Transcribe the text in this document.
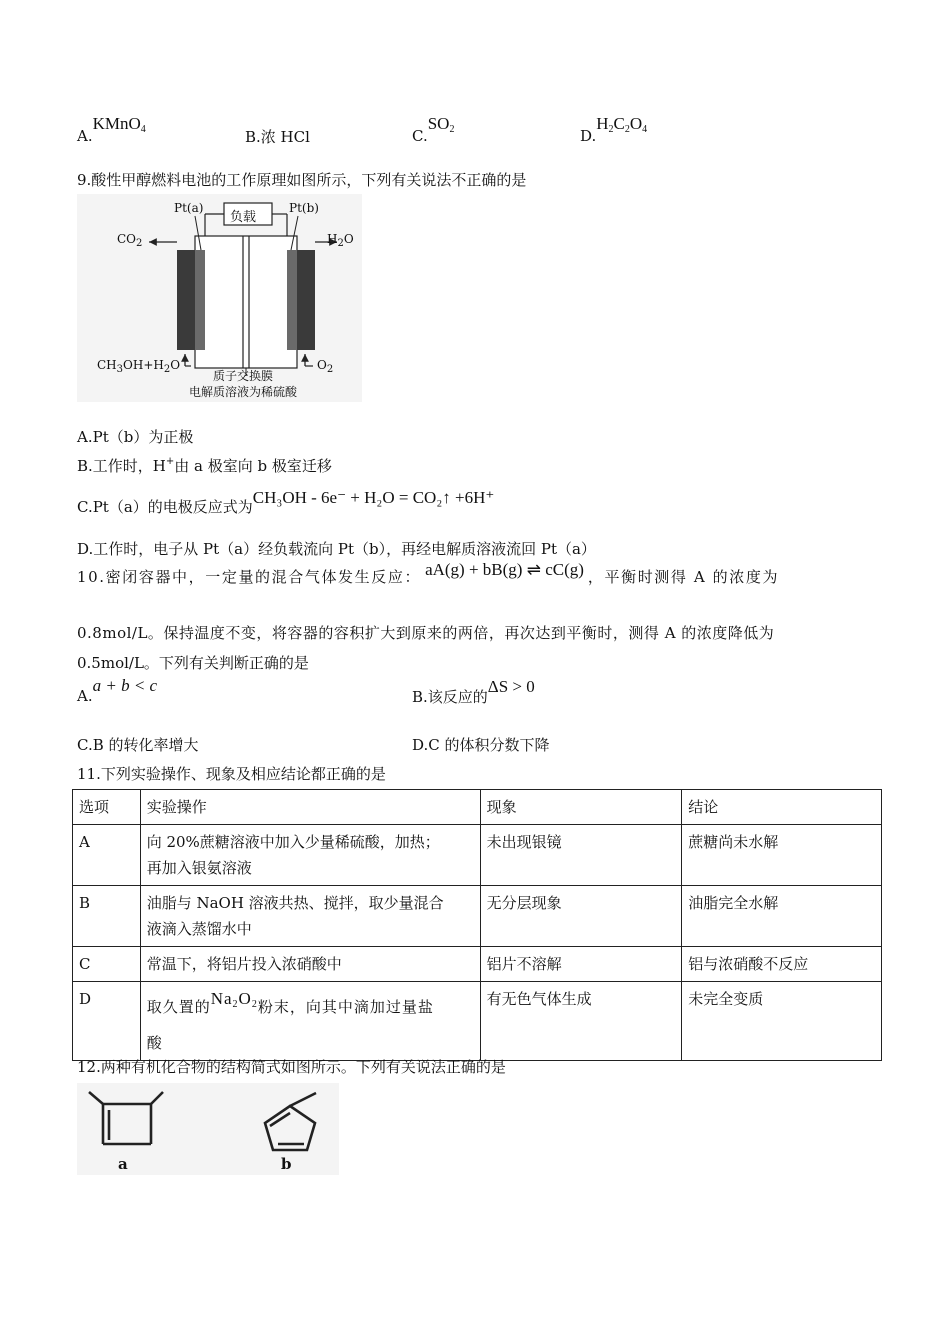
A.KMnO$_4$	B.浓 HCl	$C.SO_2$	$D.H_2C_2O_4$
9.酸性甲醇燃料电池的工作原理如图所示，下列有关说法不正确的是
Pt(a)
负载
Pt(b)
$CO_2$	$H_2O$
$CH_3OH+H_2O$	$O_2$
质子交换膜
电解质溶液为稀硫酸
A.Pt（b）为正极
B.工作时，H+由 a 极室向 b 极室迁移
C.Pt（a）的电极反应式为CH₃OH - 6e⁻ + H₂O = CO₂↑ +6H⁺
D.工作时，电子从 Pt（a）经负载流向 Pt（b），再经电解质溶液流回 Pt（a）
10.密闭容器中，一定量的混合气体发生反应： aA(g) + bB(g) ⇌ cC(g) ，平衡时测得 A 的浓度为
0.8mol/L。保持温度不变，将容器的容积扩大到原来的两倍，再次达到平衡时，测得 A 的浓度降低为
0.5mol/L。下列有关判断正确的是
A.a + b < c
B.该反应的ΔS > 0
C.B 的转化率增大	D.C 的体积分数下降
11.下列实验操作、现象及相应结论都正确的是
选项	实验操作	现象	结论
A	向 20%蔗糖溶液中加入少量稀硫酸，加热；
再加入银氨溶液	未出现银镜	蔗糖尚未水解
B	油脂与 NaOH 溶液共热、搅拌，取少量混合
液滴入蒸馏水中	无分层现象	油脂完全水解
C	常温下，将铝片投入浓硝酸中	铝片不溶解	铝与浓硝酸不反应
D	取久置的$Na_2O_2$粉末，向其中滴加过量盐
酸	有无色气体生成	未完全变质
12.两种有机化合物的结构简式如图所示。下列有关说法正确的是
a	b
